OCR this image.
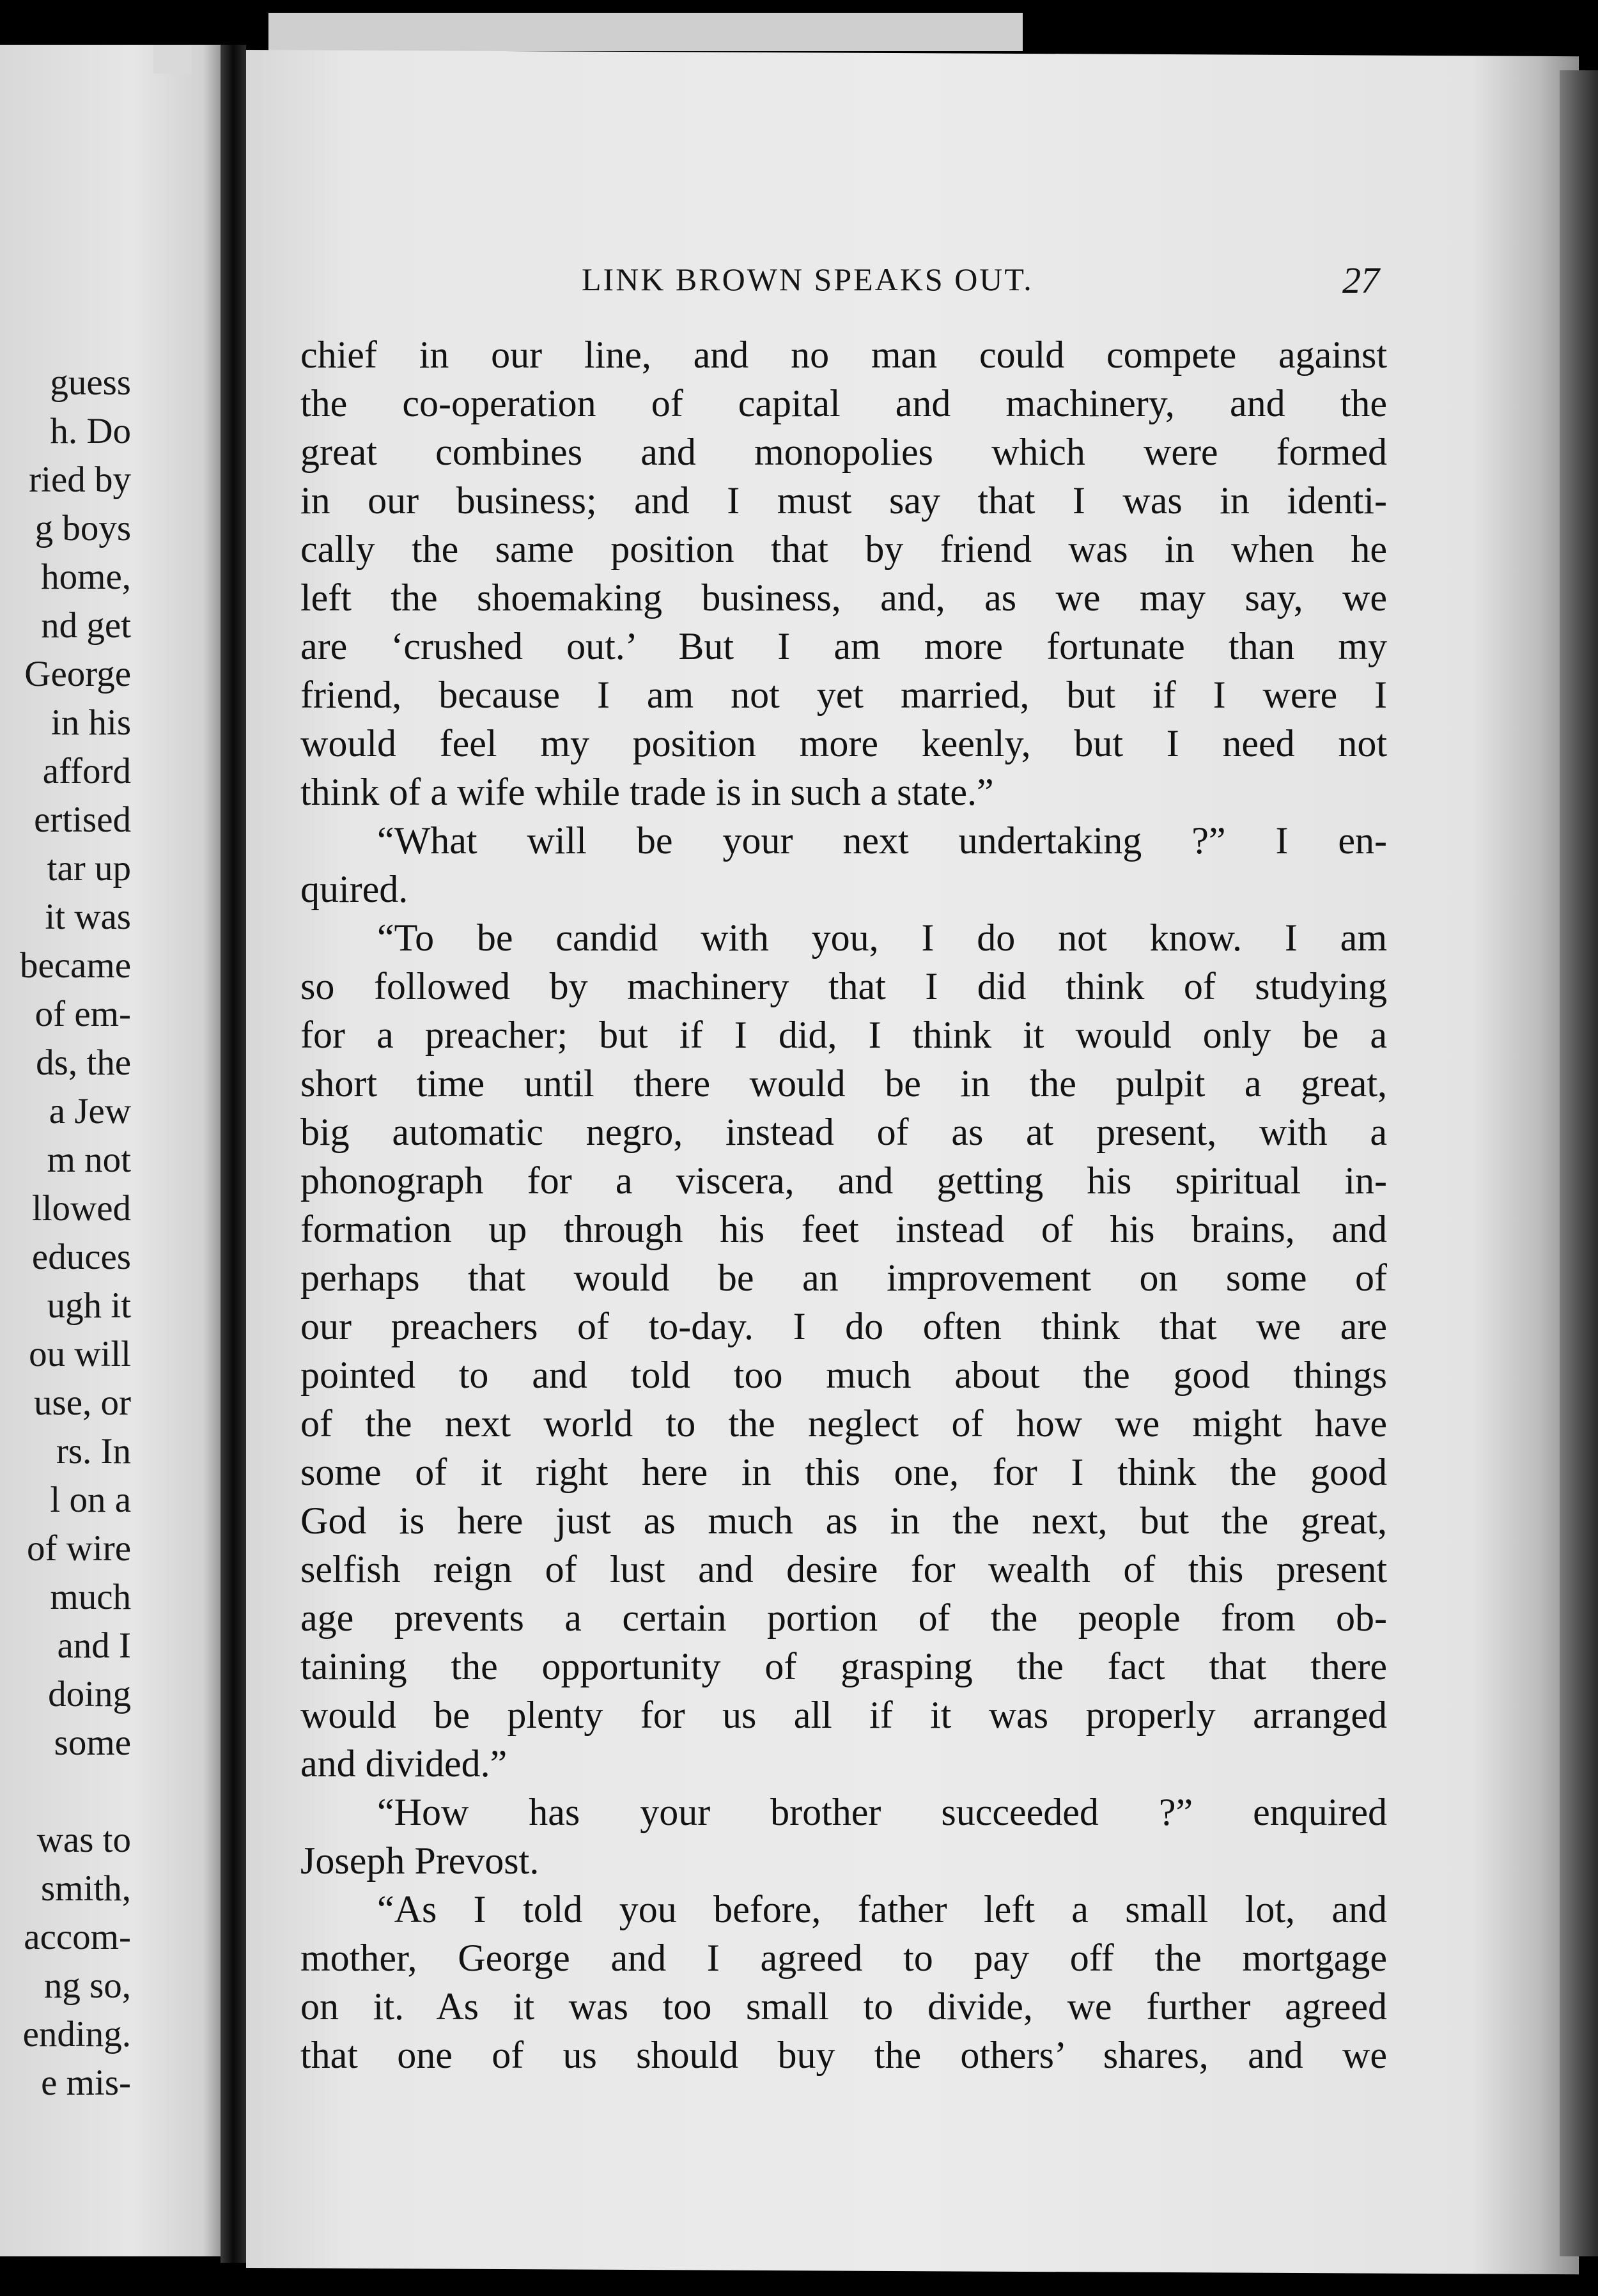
guess
h. Do
ried by
g boys
home,
nd get
George
in his
afford
ertised
tar up
it was
became
of em-
ds, the
a Jew
m not
llowed
educes
ugh it
ou will
use, or
rs. In
l on a
of wire
much
and I
doing
some
was to
smith,
accom-
ng so,
ending.
e mis-
LINK BROWN SPEAKS OUT.	27
chief in our line, and no man could compete against
the co-operation of capital and machinery, and the
great combines and monopolies which were formed
in our business; and I must say that I was in identi-
cally the same position that by friend was in when he
left the shoemaking business, and, as we may say, we
are ‘crushed out.’ But I am more fortunate than my
friend, because I am not yet married, but if I were I
would feel my position more keenly, but I need not
think of a wife while trade is in such a state.”
“What will be your next undertaking ?” I en-
quired.
“To be candid with you, I do not know. I am
so followed by machinery that I did think of studying
for a preacher; but if I did, I think it would only be a
short time until there would be in the pulpit a great,
big automatic negro, instead of as at present, with a
phonograph for a viscera, and getting his spiritual in-
formation up through his feet instead of his brains, and
perhaps that would be an improvement on some of
our preachers of to-day. I do often think that we are
pointed to and told too much about the good things
of the next world to the neglect of how we might have
some of it right here in this one, for I think the good
God is here just as much as in the next, but the great,
selfish reign of lust and desire for wealth of this present
age prevents a certain portion of the people from ob-
taining the opportunity of grasping the fact that there
would be plenty for us all if it was properly arranged
and divided.”
“How has your brother succeeded ?” enquired
Joseph Prevost.
“As I told you before, father left a small lot, and
mother, George and I agreed to pay off the mortgage
on it. As it was too small to divide, we further agreed
that one of us should buy the others’ shares, and we
